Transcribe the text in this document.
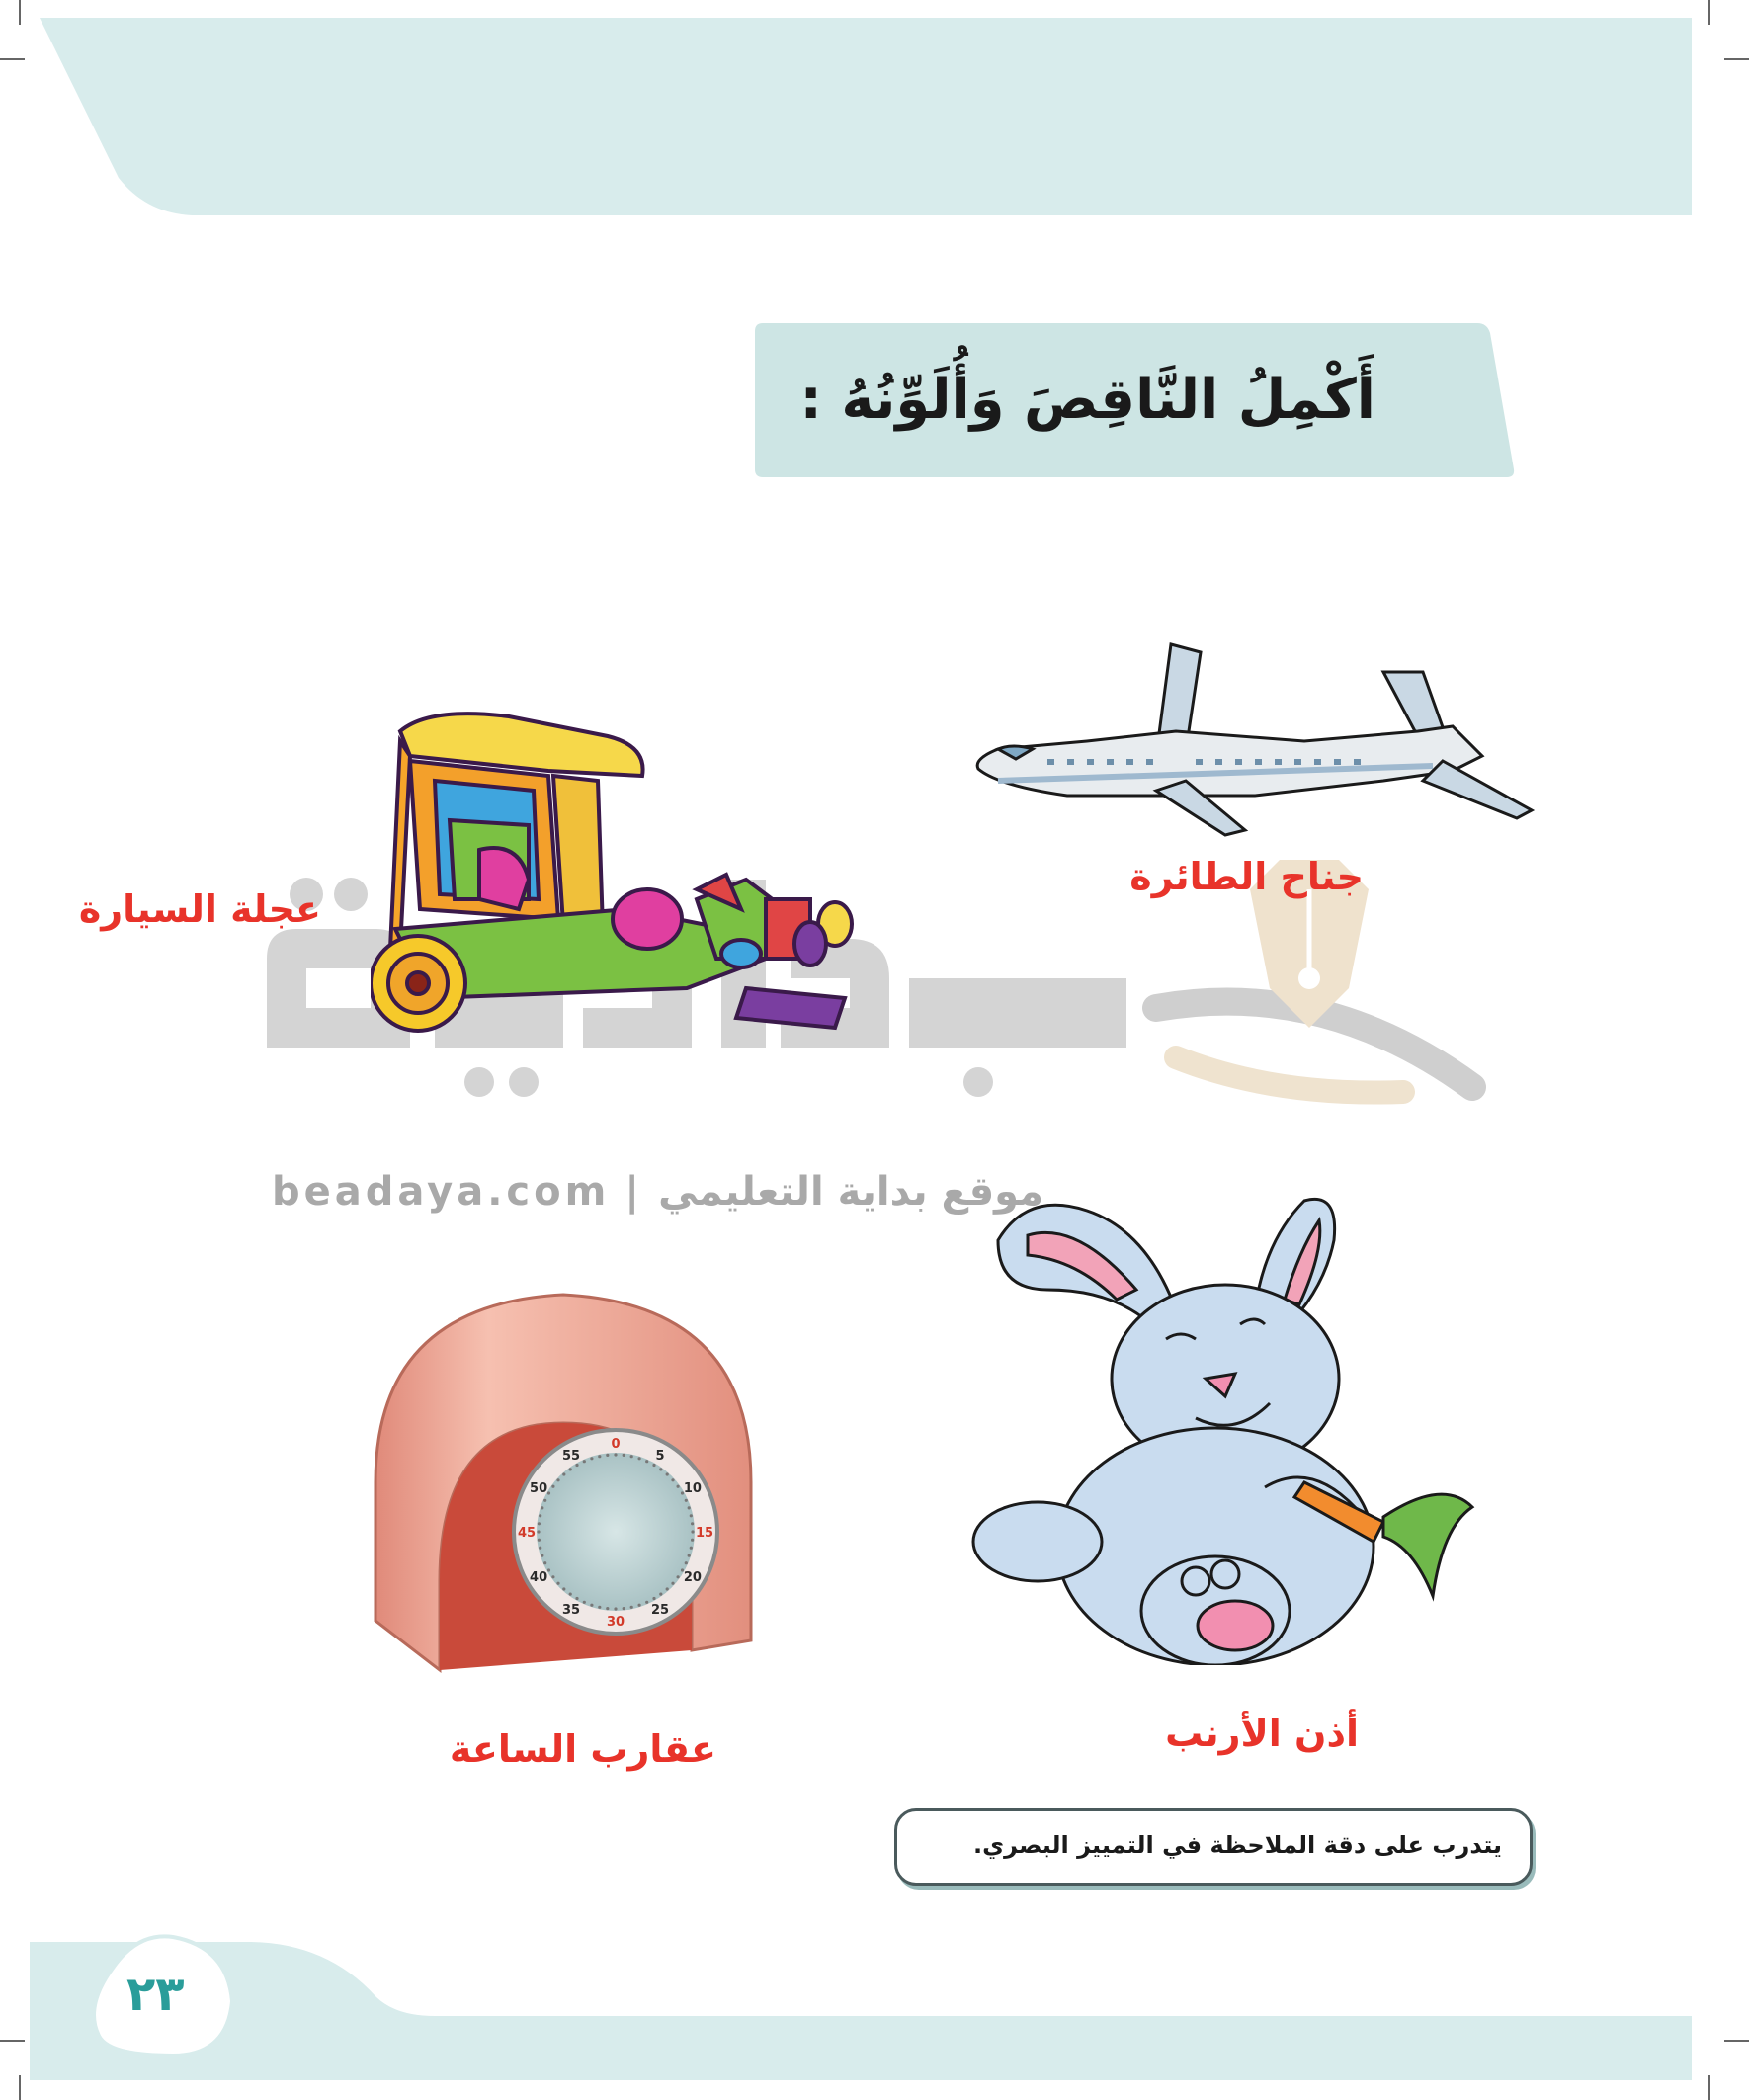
أَكْمِلُ النَّاقِصَ وَأُلَوِّنُهُ :
beadaya.com | موقع بداية التعليمي
جناح الطائرة
عجلة السيارة
أذن الأرنب
0
5
10
15
20
25
30
35
40
45
50
55
عقارب الساعة
يتدرب على دقة الملاحظة في التمييز البصري.
٢٣
